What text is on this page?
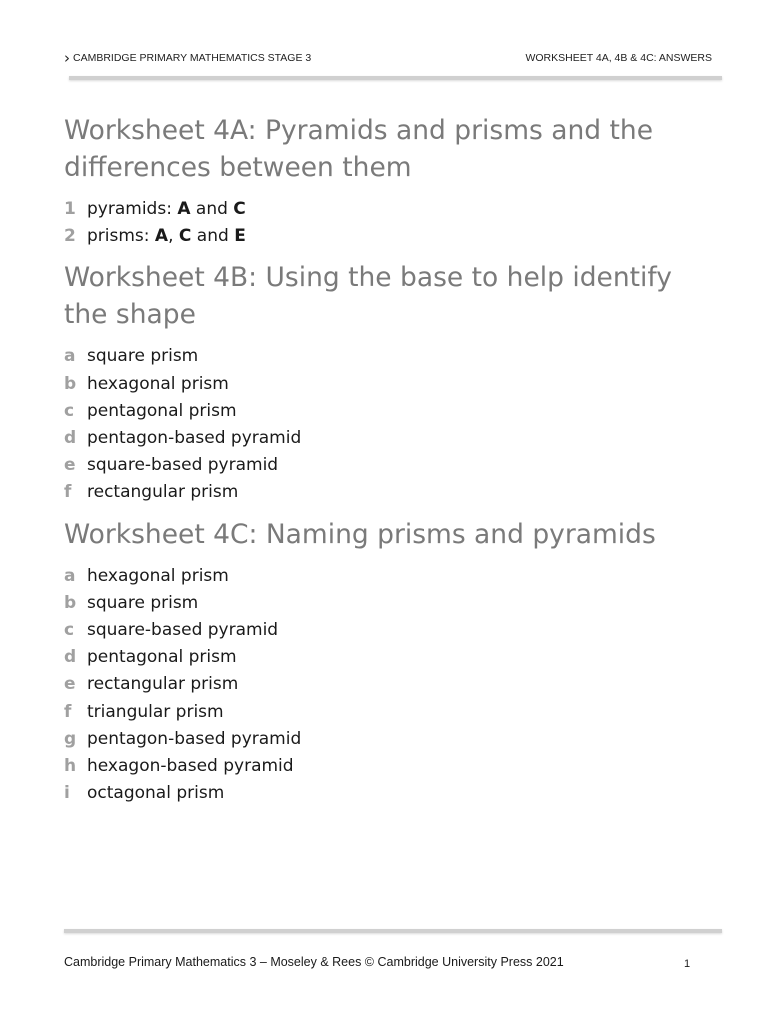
› CAMBRIDGE PRIMARY MATHEMATICS STAGE 3	WORKSHEET 4A, 4B & 4C: ANSWERS
Worksheet 4A: Pyramids and prisms and the differences between them
1 pyramids: A and C
2 prisms: A, C and E
Worksheet 4B: Using the base to help identify the shape
a square prism
b hexagonal prism
c pentagonal prism
d pentagon-based pyramid
e square-based pyramid
f rectangular prism
Worksheet 4C: Naming prisms and pyramids
a hexagonal prism
b square prism
c square-based pyramid
d pentagonal prism
e rectangular prism
f triangular prism
g pentagon-based pyramid
h hexagon-based pyramid
i	octagonal prism
Cambridge Primary Mathematics 3 – Moseley & Rees © Cambridge University Press 2021	1
